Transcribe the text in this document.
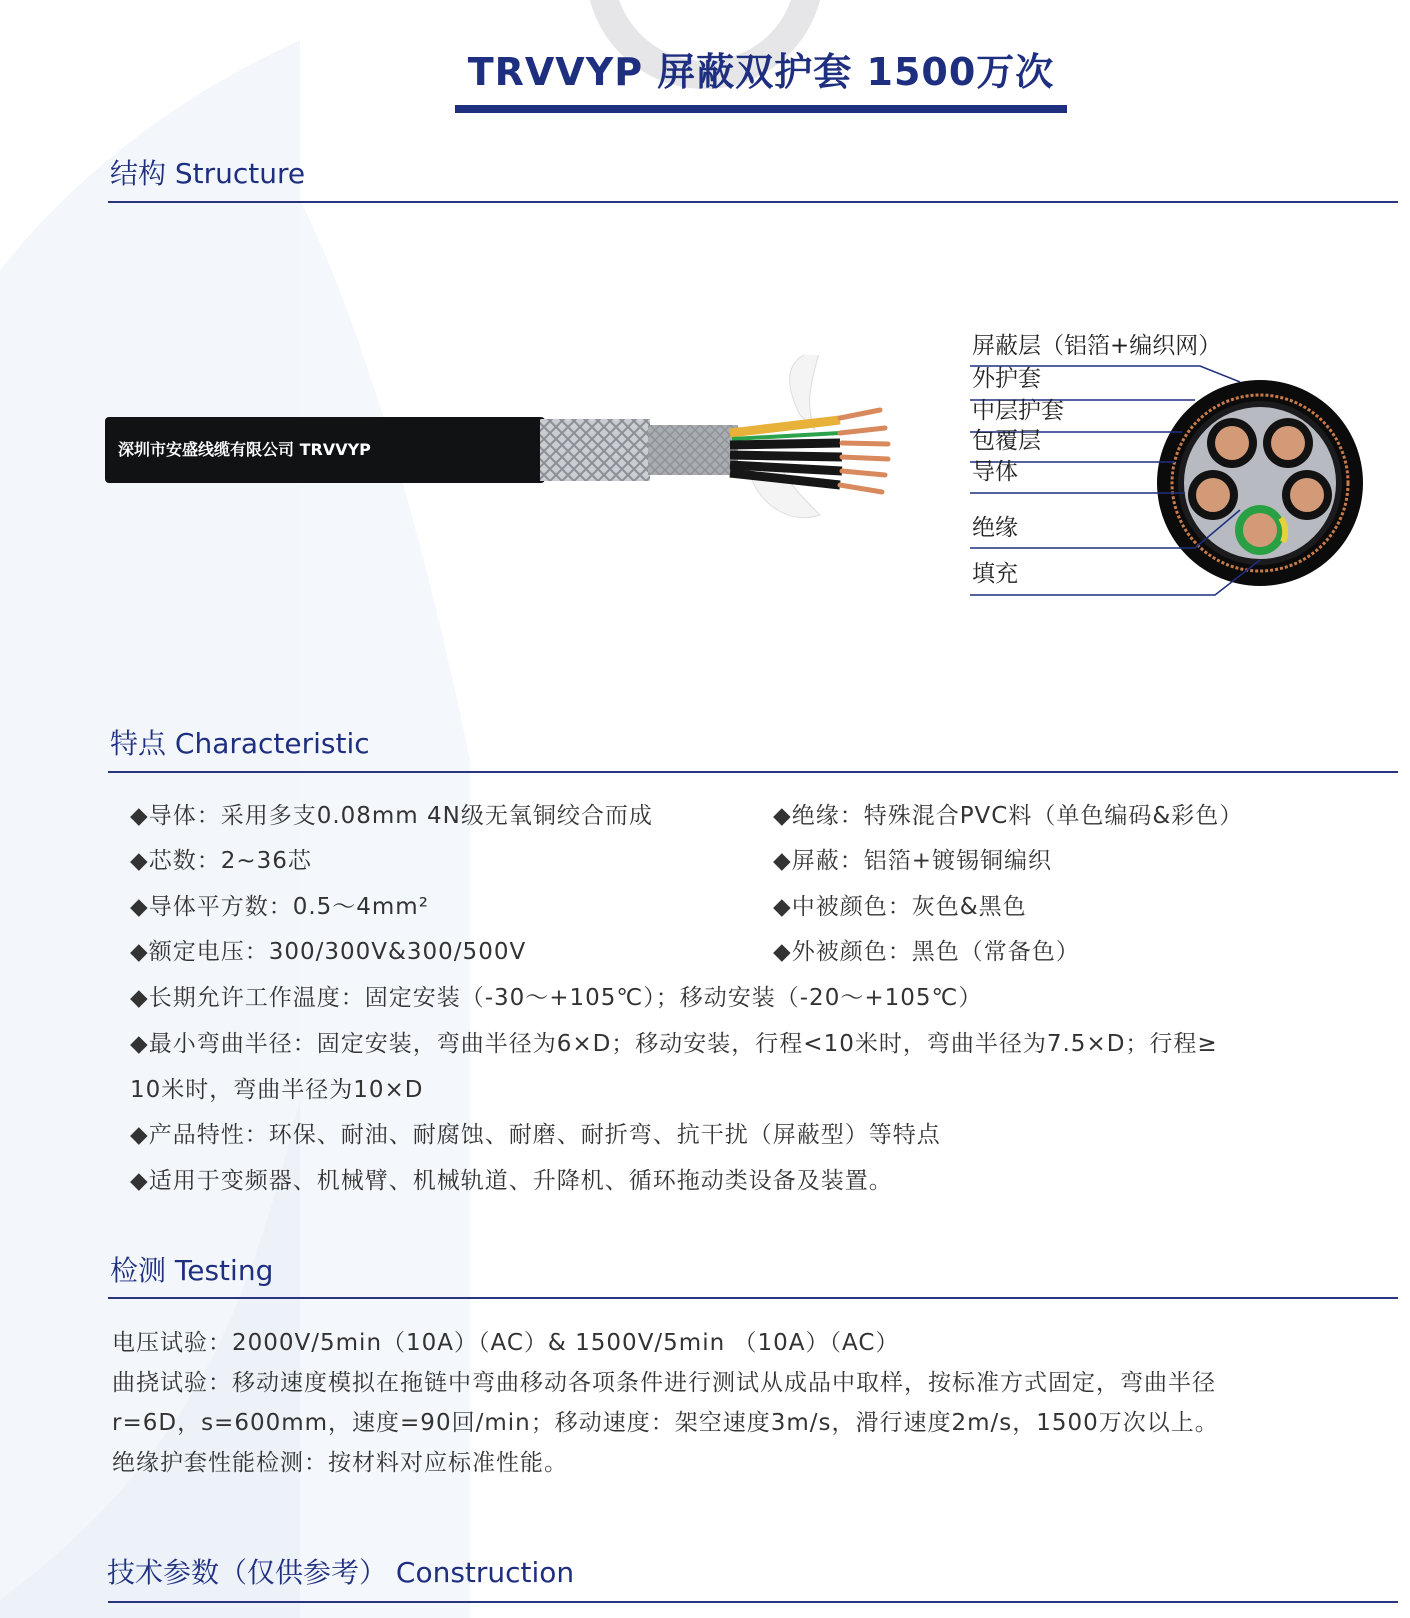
TRVVYP 屏蔽双护套 1500万次
结构 Structure
深圳市安盛线缆有限公司 TRVVYP
屏蔽层（铝箔+编织网）
外护套
中层护套
包覆层
导体
绝缘
填充
特点 Characteristic
◆导体：采用多支0.08mm 4N级无氧铜绞合而成
◆芯数：2~36芯
◆导体平方数：0.5～4mm²
◆额定电压：300/300V&300/500V
◆绝缘：特殊混合PVC料（单色编码&彩色）
◆屏蔽：铝箔+镀锡铜编织
◆中被颜色：灰色&黑色
◆外被颜色：黑色（常备色）
◆长期允许工作温度：固定安装（-30～+105℃）；移动安装（-20～+105℃）
◆最小弯曲半径：固定安装，弯曲半径为6×D；移动安装，行程<10米时，弯曲半径为7.5×D；行程≥
10米时，弯曲半径为10×D
◆产品特性：环保、耐油、耐腐蚀、耐磨、耐折弯、抗干扰（屏蔽型）等特点
◆适用于变频器、机械臂、机械轨道、升降机、循环拖动类设备及装置。
检测 Testing
电压试验：2000V/5min（10A）（AC）& 1500V/5min （10A）（AC）
曲挠试验：移动速度模拟在拖链中弯曲移动各项条件进行测试从成品中取样，按标准方式固定，弯曲半径
r=6D，s=600mm，速度=90回/min；移动速度：架空速度3m/s，滑行速度2m/s，1500万次以上。
绝缘护套性能检测：按材料对应标准性能。
技术参数（仅供参考） Construction
